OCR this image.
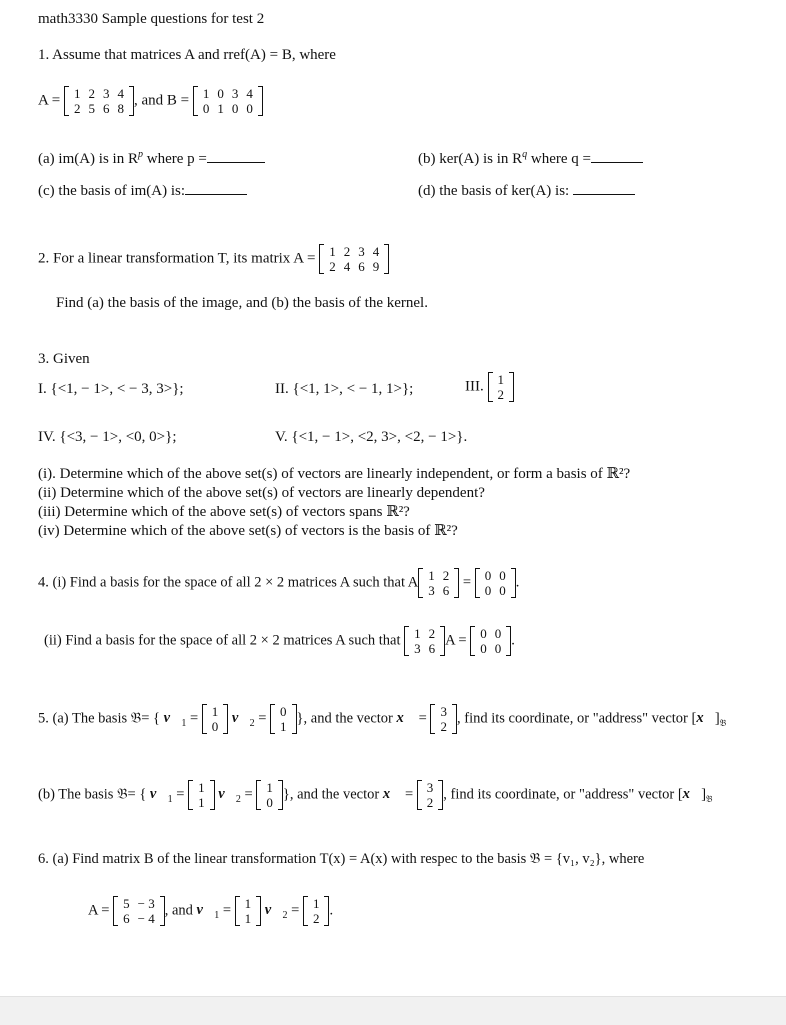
math3330 Sample questions for test 2
1. Assume that matrices A and rref(A) = B, where
A = 1	2	3	4
2	5	6	8
, and B = 1	0	3	4
0	1	0	0
(a) im(A) is in $R^p$ where p =	(b) ker(A) is in $R^q$ where q =
(c) the basis of im(A) is:	(d) the basis of ker(A) is:
2. For a linear transformation T, its matrix A = 1	2	3	4
2	4	6	9
Find (a) the basis of the image, and (b) the basis of the kernel.
3. Given
I. {<1, − 1>, < − 3, 3>};	II. {<1, 1>, < − 1, 1>};	III. 1
2
IV. {<3, − 1>, <0, 0>};	V. {<1, − 1>, <2, 3>, <2, − 1>}.
(i). Determine which of the above set(s) of vectors are linearly independent, or form a basis of ℝ²?
(ii) Determine which of the above set(s) of vectors are linearly dependent?
(iii) Determine which of the above set(s) of vectors spans ℝ²?
(iv) Determine which of the above set(s) of vectors is the basis of ℝ²?
4. (i) Find a basis for the space of all 2 × 2 matrices A such that A 1	2
3	6
= 0	0
0	0
.
(ii) Find a basis for the space of all 2 × 2 matrices A such that 1	2
3	6
A = 0	0
0	0
.
5. (a) The basis 𝔅= { $v⃗_1 = 1$
0
$v⃗_2 = 0$
1
}, and the vector x⃗ = 3
2
, find its coordinate, or "address" vector $[x⃗]_𝔅$
(b) The basis 𝔅= { $v⃗_1 = 1$
1
$v⃗_2 = 1$
0
}, and the vector x⃗ = 3
2
, find its coordinate, or "address" vector $[x⃗]_𝔅$
6. (a) Find matrix B of the linear transformation T(x) = A(x) with respec to the basis 𝔅 = {v₁, v₂}, where
A = 5	− 3
6	− 4
, and $v⃗_1 = 1$
1
$v⃗_2 = 1$
2
.
